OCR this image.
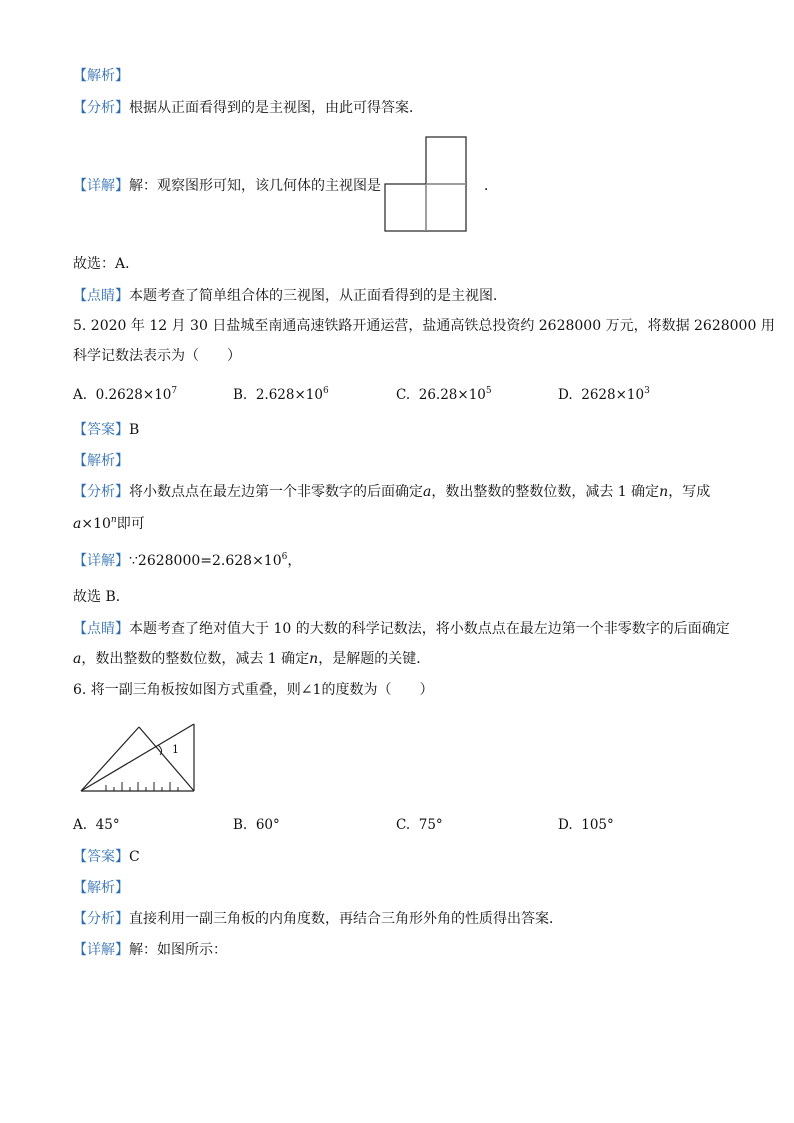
【解析】
【分析】根据从正面看得到的是主视图，由此可得答案．
【详解】解：观察图形可知，该几何体的主视图是	．
故选：A．
【点睛】本题考查了简单组合体的三视图，从正面看得到的是主视图．
5. 2020 年 12 月 30 日盐城至南通高速铁路开通运营，盐通高铁总投资约 2628000 万元，将数据 2628000 用
科学记数法表示为（　　）
A. $0.2628\times 10^7$	B. $2.628\times 10^6$	C. $26.28\times 10^5$	D. $2628\times 10^3$
【答案】B
【解析】
【分析】将小数点点在最左边第一个非零数字的后面确定a，数出整数的整数位数，减去 1 确定n，写成
$a\times 10^n$即可
【详解】$\because 2628000=2.628\times 10^6$，
故选 B．
【点睛】本题考查了绝对值大于 10 的大数的科学记数法，将小数点点在最左边第一个非零数字的后面确定
a，数出整数的整数位数，减去 1 确定n，是解题的关键．
6. 将一副三角板按如图方式重叠，则∠1的度数为（　　）
1
A. 45°	B. 60°	C. 75°	D. 105°
【答案】C
【解析】
【分析】直接利用一副三角板的内角度数，再结合三角形外角的性质得出答案．
【详解】解：如图所示：
